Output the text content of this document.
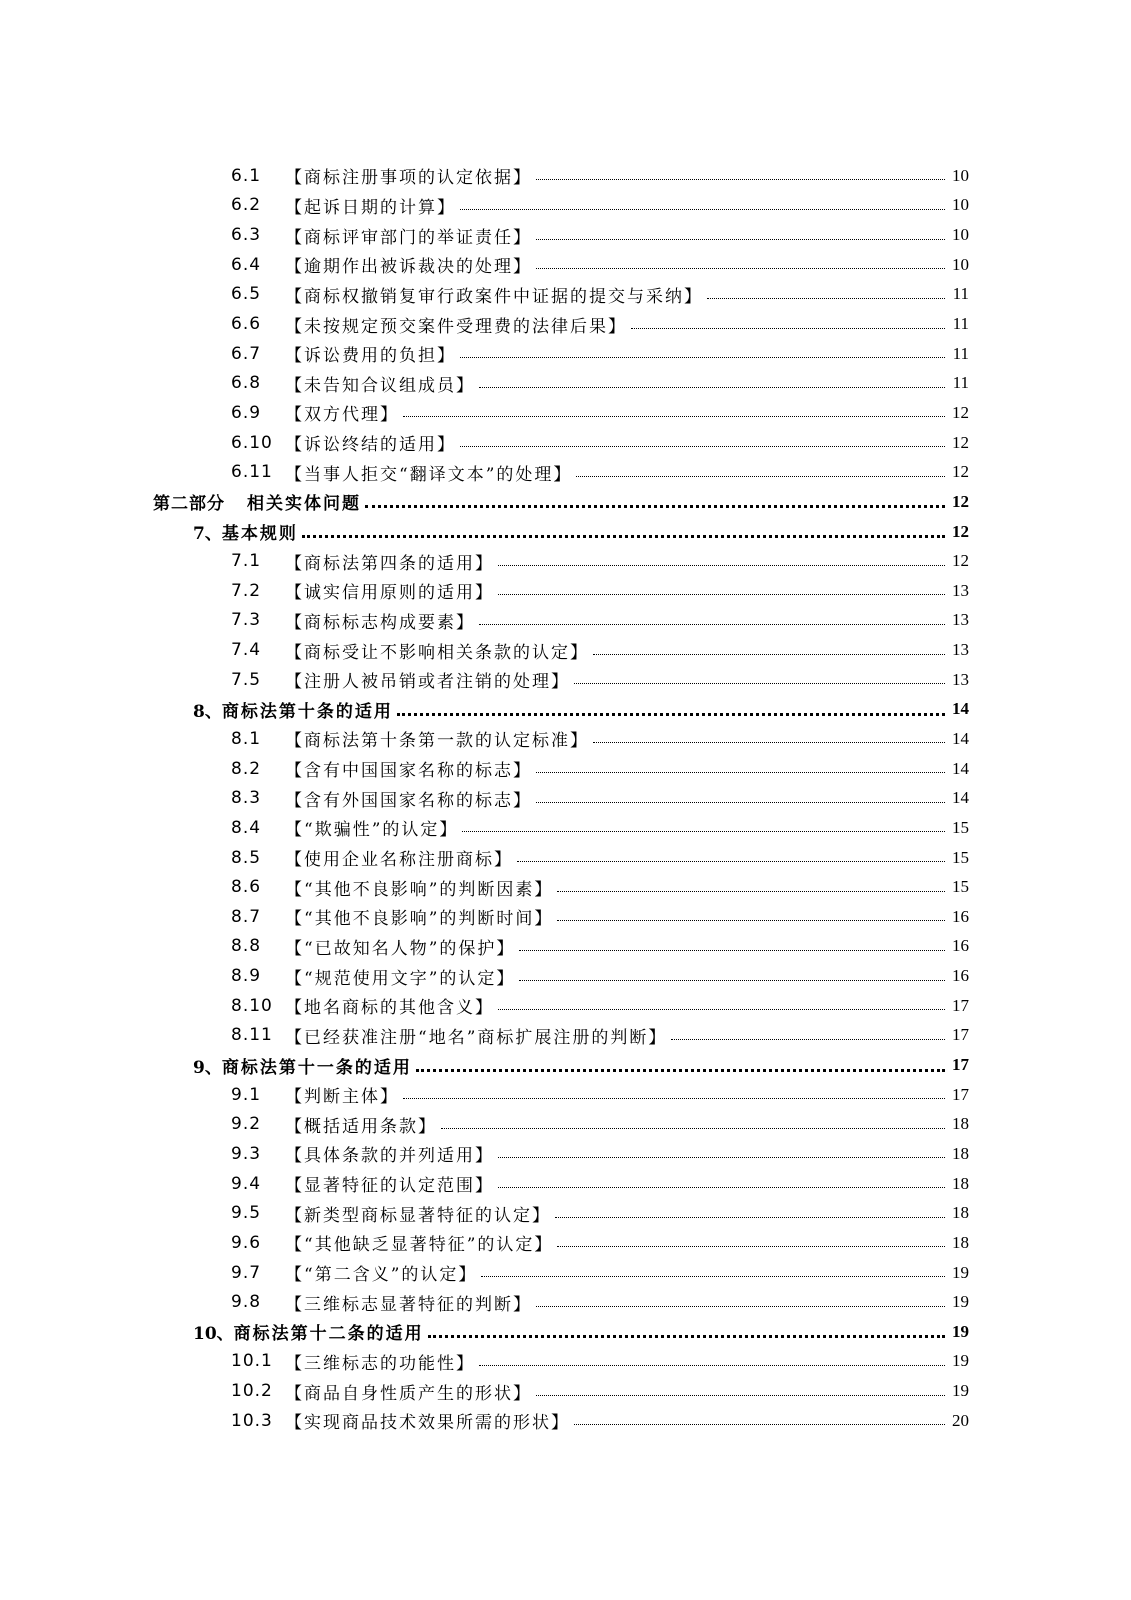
6.1	【商标注册事项的认定依据】	10
6.2	【起诉日期的计算】	10
6.3	【商标评审部门的举证责任】	10
6.4	【逾期作出被诉裁决的处理】	10
6.5	【商标权撤销复审行政案件中证据的提交与采纳】	11
6.6	【未按规定预交案件受理费的法律后果】	11
6.7	【诉讼费用的负担】	11
6.8	【未告知合议组成员】	11
6.9	【双方代理】	12
6.10 【诉讼终结的适用】	12
6.11 【当事人拒交“翻译文本”的处理】	12
第二部分 相关实体问题	12
7、 基本规则	12
7.1	【商标法第四条的适用】	12
7.2	【诚实信用原则的适用】	13
7.3	【商标标志构成要素】	13
7.4	【商标受让不影响相关条款的认定】	13
7.5	【注册人被吊销或者注销的处理】	13
8、 商标法第十条的适用	14
8.1	【商标法第十条第一款的认定标准】	14
8.2	【含有中国国家名称的标志】	14
8.3	【含有外国国家名称的标志】	14
8.4	【“欺骗性”的认定】	15
8.5	【使用企业名称注册商标】	15
8.6	【“其他不良影响”的判断因素】	15
8.7	【“其他不良影响”的判断时间】	16
8.8	【“已故知名人物”的保护】	16
8.9	【“规范使用文字”的认定】	16
8.10 【地名商标的其他含义】	17
8.11 【已经获准注册“地名”商标扩展注册的判断】	17
9、 商标法第十一条的适用	17
9.1	【判断主体】	17
9.2	【概括适用条款】	18
9.3	【具体条款的并列适用】	18
9.4	【显著特征的认定范围】	18
9.5	【新类型商标显著特征的认定】	18
9.6	【“其他缺乏显著特征”的认定】	18
9.7	【“第二含义”的认定】	19
9.8	【三维标志显著特征的判断】	19
10、 商标法第十二条的适用	19
10.1 【三维标志的功能性】	19
10.2 【商品自身性质产生的形状】	19
10.3 【实现商品技术效果所需的形状】	20
